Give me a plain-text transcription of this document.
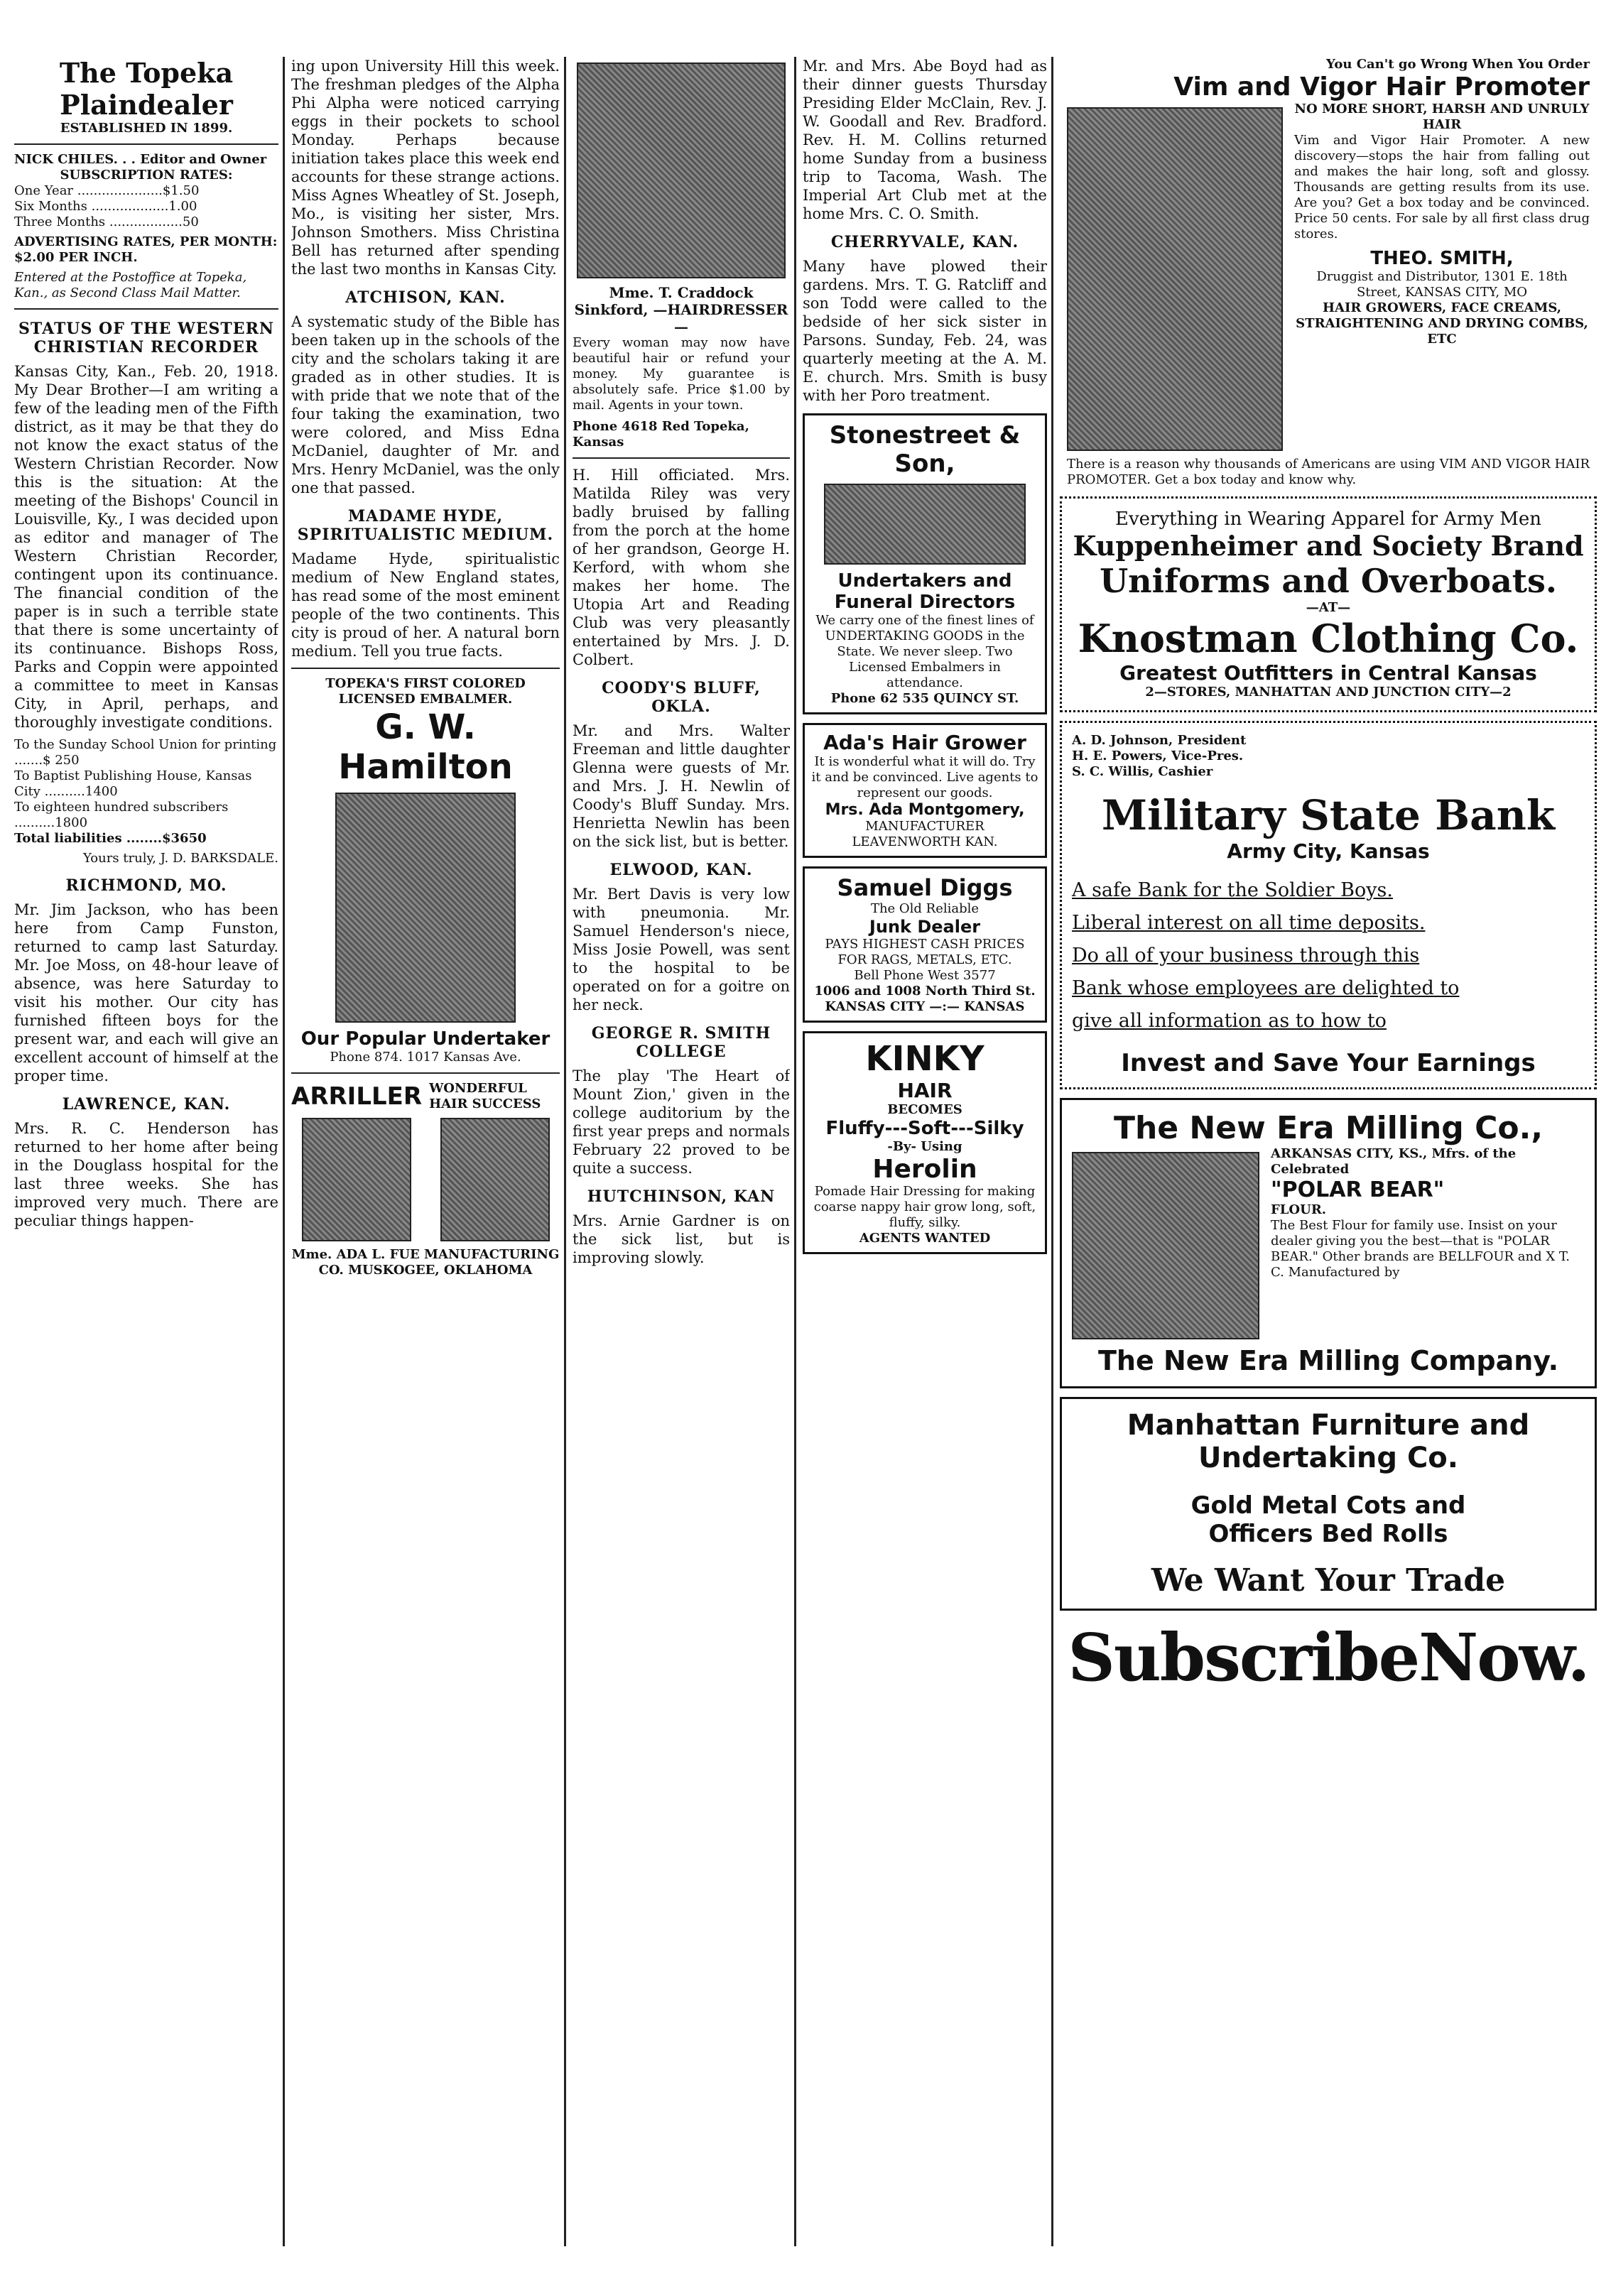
The Topeka Plaindealer
ESTABLISHED IN 1899.
NICK CHILES. . . Editor and Owner
SUBSCRIPTION RATES:
One Year .....................$1.50
Six Months ...................1.00
Three Months ..................50
ADVERTISING RATES, PER MONTH: $2.00 PER INCH.
Entered at the Postoffice at Topeka, Kan., as Second Class Mail Matter.
STATUS OF THE WESTERN CHRISTIAN RECORDER

Kansas City, Kan., Feb. 20, 1918. My Dear Brother—I am writing a few of the leading men of the Fifth district, as it may be that they do not know the exact status of the Western Christian Recorder. Now this is the situation: At the meeting of the Bishops' Council in Louisville, Ky., I was decided upon as editor and manager of The Western Christian Recorder, contingent upon its continuance. The financial condition of the paper is in such a terrible state that there is some uncertainty of its continuance. Bishops Ross, Parks and Coppin were appointed a committee to meet in Kansas City, in April, perhaps, and thoroughly investigate conditions.

To the Sunday School Union for printing .......$ 250
To Baptist Publishing House, Kansas City ..........1400
To eighteen hundred subscribers ..........1800
Total liabilities ........$3650
Yours truly, J. D. BARKSDALE.
RICHMOND, MO.

Mr. Jim Jackson, who has been here from Camp Funston, returned to camp last Saturday. Mr. Joe Moss, on 48-hour leave of absence, was here Saturday to visit his mother. Our city has furnished fifteen boys for the present war, and each will give an excellent account of himself at the proper time.

LAWRENCE, KAN.

Mrs. R. C. Henderson has returned to her home after being in the Douglass hospital for the last three weeks. She has improved very much. There are peculiar things happen-

ing upon University Hill this week. The freshman pledges of the Alpha Phi Alpha were noticed carrying eggs in their pockets to school Monday. Perhaps because initiation takes place this week end accounts for these strange actions. Miss Agnes Wheatley of St. Joseph, Mo., is visiting her sister, Mrs. Johnson Smothers. Miss Christina Bell has returned after spending the last two months in Kansas City.

ATCHISON, KAN.

A systematic study of the Bible has been taken up in the schools of the city and the scholars taking it are graded as in other studies. It is with pride that we note that of the four taking the examination, two were colored, and Miss Edna McDaniel, daughter of Mr. and Mrs. Henry McDaniel, was the only one that passed.

MADAME HYDE, SPIRITUALISTIC MEDIUM.

Madame Hyde, spiritualistic medium of New England states, has read some of the most eminent people of the two continents. This city is proud of her. A natural born medium. Tell you true facts.

TOPEKA'S FIRST COLORED LICENSED EMBALMER.
G. W. Hamilton
Our Popular Undertaker
Phone 874. 1017 Kansas Ave.
ARRILLER WONDERFUL HAIR SUCCESS
Mme. ADA L. FUE MANUFACTURING CO. MUSKOGEE, OKLAHOMA
Mme. T. Craddock Sinkford, —HAIRDRESSER—

Every woman may now have beautiful hair or refund your money. My guarantee is absolutely safe. Price $1.00 by mail. Agents in your town.

Phone 4618 Red Topeka, Kansas

H. Hill officiated. Mrs. Matilda Riley was very badly bruised by falling from the porch at the home of her grandson, George H. Kerford, with whom she makes her home. The Utopia Art and Reading Club was very pleasantly entertained by Mrs. J. D. Colbert.

COODY'S BLUFF, OKLA.

Mr. and Mrs. Walter Freeman and little daughter Glenna were guests of Mr. and Mrs. J. H. Newlin of Coody's Bluff Sunday. Mrs. Henrietta Newlin has been on the sick list, but is better.

ELWOOD, KAN.

Mr. Bert Davis is very low with pneumonia. Mr. Samuel Henderson's niece, Miss Josie Powell, was sent to the hospital to be operated on for a goitre on her neck.

GEORGE R. SMITH COLLEGE

The play 'The Heart of Mount Zion,' given in the college auditorium by the first year preps and normals February 22 proved to be quite a success.

HUTCHINSON, KAN

Mrs. Arnie Gardner is on the sick list, but is improving slowly.

Mr. and Mrs. Abe Boyd had as their dinner guests Thursday Presiding Elder McClain, Rev. J. W. Goodall and Rev. Bradford. Rev. H. M. Collins returned home Sunday from a business trip to Tacoma, Wash. The Imperial Art Club met at the home Mrs. C. O. Smith.

CHERRYVALE, KAN.

Many have plowed their gardens. Mrs. T. G. Ratcliff and son Todd were called to the bedside of her sick sister in Parsons. Sunday, Feb. 24, was quarterly meeting at the A. M. E. church. Mrs. Smith is busy with her Poro treatment.

Stonestreet & Son,
Undertakers and Funeral Directors
We carry one of the finest lines of UNDERTAKING GOODS in the State. We never sleep. Two Licensed Embalmers in attendance.
Phone 62 535 QUINCY ST.
Ada's Hair Grower
It is wonderful what it will do. Try it and be convinced. Live agents to represent our goods.
Mrs. Ada Montgomery,
MANUFACTURER LEAVENWORTH KAN.
Samuel Diggs
The Old Reliable
Junk Dealer
PAYS HIGHEST CASH PRICES FOR RAGS, METALS, ETC.
Bell Phone West 3577
1006 and 1008 North Third St. KANSAS CITY —:— KANSAS
KINKY
HAIR
BECOMES
Fluffy---Soft---Silky
-By- Using
Herolin
Pomade Hair Dressing for making coarse nappy hair grow long, soft, fluffy, silky.
AGENTS WANTED
You Can't go Wrong When You Order
Vim and Vigor Hair Promoter
NO MORE SHORT, HARSH AND UNRULY HAIR

Vim and Vigor Hair Promoter. A new discovery—stops the hair from falling out and makes the hair long, soft and glossy. Thousands are getting results from its use. Are you? Get a box today and be convinced. Price 50 cents. For sale by all first class drug stores.

THEO. SMITH,
Druggist and Distributor, 1301 E. 18th Street, KANSAS CITY, MO
HAIR GROWERS, FACE CREAMS, STRAIGHTENING AND DRYING COMBS, ETC

There is a reason why thousands of Americans are using VIM AND VIGOR HAIR PROMOTER. Get a box today and know why.

Everything in Wearing Apparel for Army Men
Kuppenheimer and Society Brand
Uniforms and Overboats.
—AT—
Knostman Clothing Co.
Greatest Outfitters in Central Kansas
2—STORES, MANHATTAN AND JUNCTION CITY—2
A. D. Johnson, President
H. E. Powers, Vice-Pres.
S. C. Willis, Cashier
Military State Bank
Army City, Kansas
A safe Bank for the Soldier Boys.
Liberal interest on all time deposits.
Do all of your business through this
Bank whose employees are delighted to
give all information as to how to
Invest and Save Your Earnings
The New Era Milling Co.,
ARKANSAS CITY, KS., Mfrs. of the Celebrated
"POLAR BEAR"
FLOUR.
The Best Flour for family use. Insist on your dealer giving you the best—that is "POLAR BEAR." Other brands are BELLFOUR and X T. C. Manufactured by
The New Era Milling Company.
Manhattan Furniture and
Undertaking Co.
Gold Metal Cots and
Officers Bed Rolls
We Want Your Trade
SubscribeNow.
